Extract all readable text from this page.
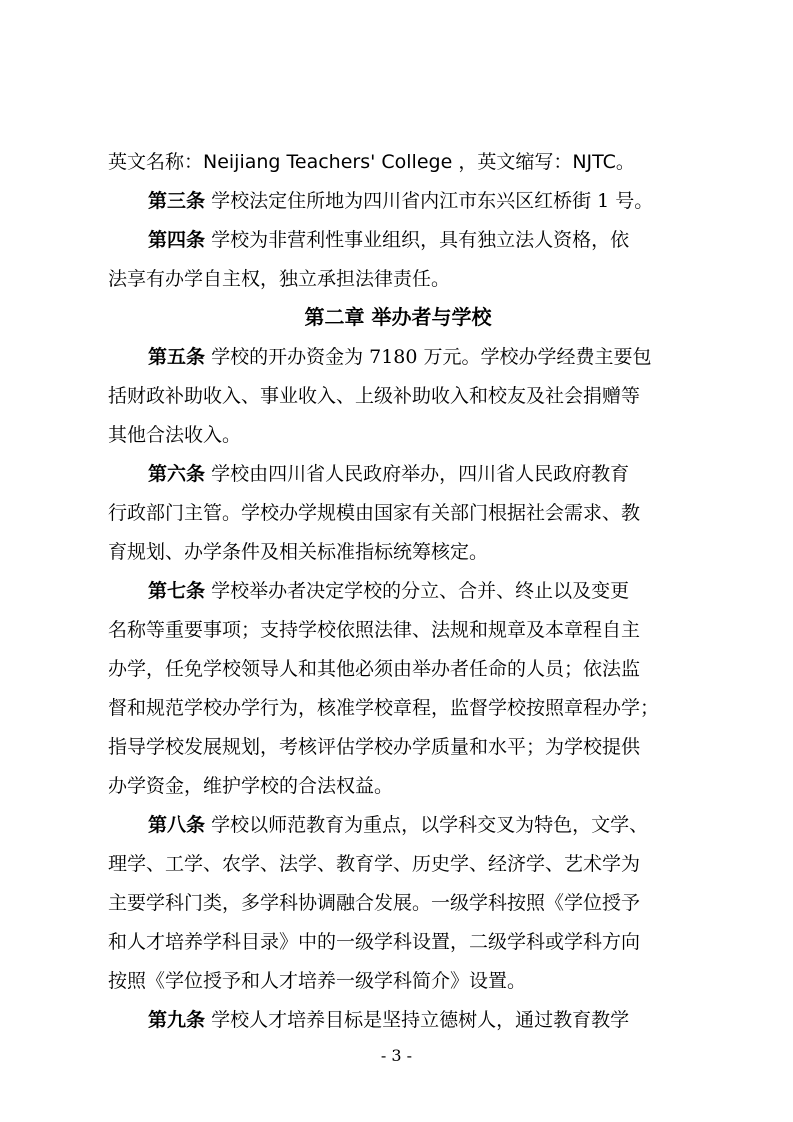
英文名称：Neijiang Teachers' College ，英文缩写：NJTC。
第三条 学校法定住所地为四川省内江市东兴区红桥街 1 号。
第四条 学校为非营利性事业组织，具有独立法人资格，依
法享有办学自主权，独立承担法律责任。
第二章 举办者与学校
第五条 学校的开办资金为 7180 万元。学校办学经费主要包
括财政补助收入、事业收入、上级补助收入和校友及社会捐赠等
其他合法收入。
第六条 学校由四川省人民政府举办，四川省人民政府教育
行政部门主管。学校办学规模由国家有关部门根据社会需求、教
育规划、办学条件及相关标准指标统筹核定。
第七条 学校举办者决定学校的分立、合并、终止以及变更
名称等重要事项；支持学校依照法律、法规和规章及本章程自主
办学，任免学校领导人和其他必须由举办者任命的人员；依法监
督和规范学校办学行为，核准学校章程，监督学校按照章程办学；
指导学校发展规划，考核评估学校办学质量和水平；为学校提供
办学资金，维护学校的合法权益。
第八条 学校以师范教育为重点，以学科交叉为特色，文学、
理学、工学、农学、法学、教育学、历史学、经济学、艺术学为
主要学科门类，多学科协调融合发展。一级学科按照《学位授予
和人才培养学科目录》中的一级学科设置，二级学科或学科方向
按照《学位授予和人才培养一级学科简介》设置。
第九条 学校人才培养目标是坚持立德树人，通过教育教学
- 3 -
